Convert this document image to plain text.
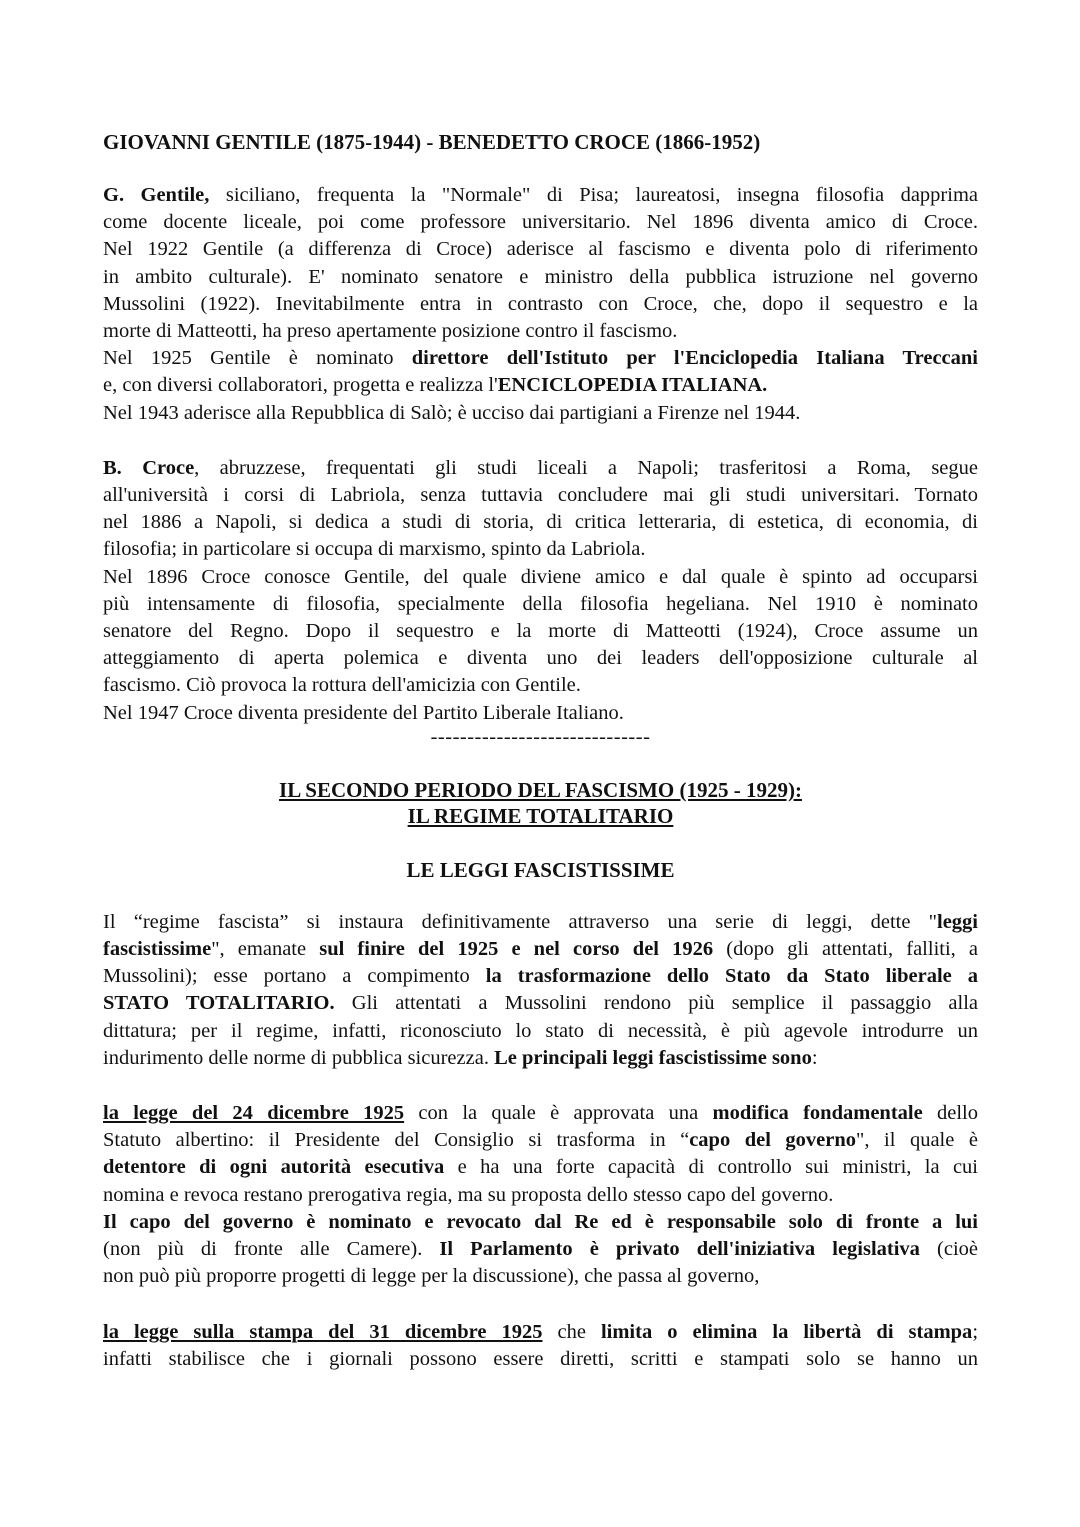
GIOVANNI GENTILE (1875-1944) - BENEDETTO CROCE (1866-1952)
G. Gentile, siciliano, frequenta la "Normale" di Pisa; laureatosi, insegna filosofia dapprima
come docente liceale, poi come professore universitario. Nel 1896 diventa amico di Croce.
Nel 1922 Gentile (a differenza di Croce) aderisce al fascismo e diventa polo di riferimento
in ambito culturale). E' nominato senatore e ministro della pubblica istruzione nel governo
Mussolini (1922). Inevitabilmente entra in contrasto con Croce, che, dopo il sequestro e la
morte di Matteotti, ha preso apertamente posizione contro il fascismo.
Nel 1925 Gentile è nominato direttore dell'Istituto per l'Enciclopedia Italiana Treccani
e, con diversi collaboratori, progetta e realizza l'ENCICLOPEDIA ITALIANA.
Nel 1943 aderisce alla Repubblica di Salò; è ucciso dai partigiani a Firenze nel 1944.
B. Croce, abruzzese, frequentati gli studi liceali a Napoli; trasferitosi a Roma, segue
all'università i corsi di Labriola, senza tuttavia concludere mai gli studi universitari. Tornato
nel 1886 a Napoli, si dedica a studi di storia, di critica letteraria, di estetica, di economia, di
filosofia; in particolare si occupa di marxismo, spinto da Labriola.
Nel 1896 Croce conosce Gentile, del quale diviene amico e dal quale è spinto ad occuparsi
più intensamente di filosofia, specialmente della filosofia hegeliana. Nel 1910 è nominato
senatore del Regno. Dopo il sequestro e la morte di Matteotti (1924), Croce assume un
atteggiamento di aperta polemica e diventa uno dei leaders dell'opposizione culturale al
fascismo. Ciò provoca la rottura dell'amicizia con Gentile.
Nel 1947 Croce diventa presidente del Partito Liberale Italiano.
------------------------------
IL SECONDO PERIODO DEL FASCISMO (1925 - 1929):
IL REGIME TOTALITARIO
LE LEGGI FASCISTISSIME
Il “regime fascista” si instaura definitivamente attraverso una serie di leggi, dette "leggi
fascistissime", emanate sul finire del 1925 e nel corso del 1926 (dopo gli attentati, falliti, a
Mussolini); esse portano a compimento la trasformazione dello Stato da Stato liberale a
STATO TOTALITARIO. Gli attentati a Mussolini rendono più semplice il passaggio alla
dittatura; per il regime, infatti, riconosciuto lo stato di necessità, è più agevole introdurre un
indurimento delle norme di pubblica sicurezza. Le principali leggi fascistissime sono:
la legge del 24 dicembre 1925 con la quale è approvata una modifica fondamentale dello
Statuto albertino: il Presidente del Consiglio si trasforma in “capo del governo", il quale è
detentore di ogni autorità esecutiva e ha una forte capacità di controllo sui ministri, la cui
nomina e revoca restano prerogativa regia, ma su proposta dello stesso capo del governo.
Il capo del governo è nominato e revocato dal Re ed è responsabile solo di fronte a lui
(non più di fronte alle Camere). Il Parlamento è privato dell'iniziativa legislativa (cioè
non può più proporre progetti di legge per la discussione), che passa al governo,
la legge sulla stampa del 31 dicembre 1925 che limita o elimina la libertà di stampa;
infatti stabilisce che i giornali possono essere diretti, scritti e stampati solo se hanno un
